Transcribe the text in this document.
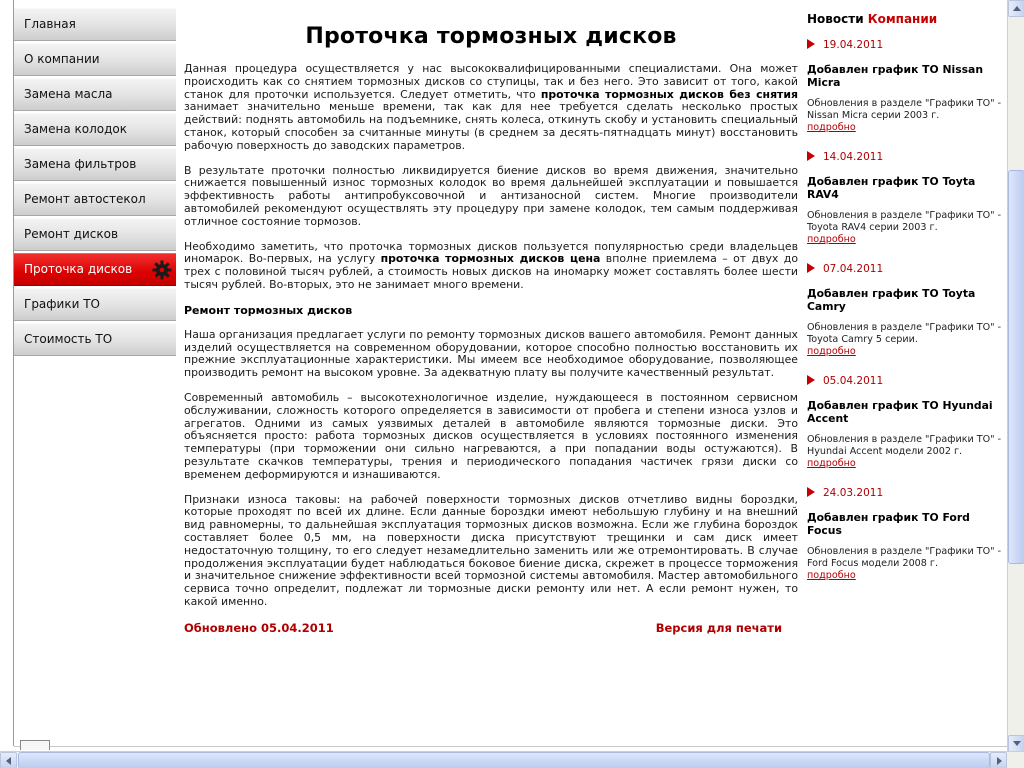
Главная
О компании
Замена масла
Замена колодок
Замена фильтров
Ремонт автостекол
Ремонт дисков
Проточка дисков
Графики ТО
Стоимость ТО
Проточка тормозных дисков

Данная процедура осуществляется у нас высококвалифицированными специалистами. Она может происходить как со снятием тормозных дисков со ступицы, так и без него. Это зависит от того, какой станок для проточки используется. Следует отметить, что проточка тормозных дисков без снятия занимает значительно меньше времени, так как для нее требуется сделать несколько простых действий: поднять автомобиль на подъемнике, снять колеса, откинуть скобу и установить специальный станок, который способен за считанные минуты (в среднем за десять-пятнадцать минут) восстановить рабочую поверхность до заводских параметров.

В результате проточки полностью ликвидируется биение дисков во время движения, значительно снижается повышенный износ тормозных колодок во время дальнейшей эксплуатации и повышается эффективность работы антипробуксовочной и антизаносной систем. Многие производители автомобилей рекомендуют осуществлять эту процедуру при замене колодок, тем самым поддерживая отличное состояние тормозов.

Необходимо заметить, что проточка тормозных дисков пользуется популярностью среди владельцев иномарок. Во-первых, на услугу проточка тормозных дисков цена вполне приемлема – от двух до трех с половиной тысяч рублей, а стоимость новых дисков на иномарку может составлять более шести тысяч рублей. Во-вторых, это не занимает много времени.

Ремонт тормозных дисков

Наша организация предлагает услуги по ремонту тормозных дисков вашего автомобиля. Ремонт данных изделий осуществляется на современном оборудовании, которое способно полностью восстановить их прежние эксплуатационные характеристики. Мы имеем все необходимое оборудование, позволяющее производить ремонт на высоком уровне. За адекватную плату вы получите качественный результат.

Современный автомобиль – высокотехнологичное изделие, нуждающееся в постоянном сервисном обслуживании, сложность которого определяется в зависимости от пробега и степени износа узлов и агрегатов. Одними из самых уязвимых деталей в автомобиле являются тормозные диски. Это объясняется просто: работа тормозных дисков осуществляется в условиях постоянного изменения температуры (при торможении они сильно нагреваются, а при попадании воды остужаются). В результате скачков температуры, трения и периодического попадания частичек грязи диски со временем деформируются и изнашиваются.

Признаки износа таковы: на рабочей поверхности тормозных дисков отчетливо видны бороздки, которые проходят по всей их длине. Если данные бороздки имеют небольшую глубину и на внешний вид равномерны, то дальнейшая эксплуатация тормозных дисков возможна. Если же глубина бороздок составляет более 0,5 мм, на поверхности диска присутствуют трещинки и сам диск имеет недостаточную толщину, то его следует незамедлительно заменить или же отремонтировать. В случае продолжения эксплуатации будет наблюдаться боковое биение диска, скрежет в процессе торможения и значительное снижение эффективности всей тормозной системы автомобиля. Мастер автомобильного сервиса точно определит, подлежат ли тормозные диски ремонту или нет. А если ремонт нужен, то какой именно.

Обновлено 05.04.2011	Версия для печати
Новости Компании
19.04.2011
Добавлен график ТО Nissan Micra
Обновления в разделе "Графики ТО" - Nissan Micra серии 2003 г.
подробно
14.04.2011
Добавлен график ТО Toyta RAV4
Обновления в разделе "Графики ТО" - Toyota RAV4 серии 2003 г.
подробно
07.04.2011
Добавлен график ТО Toyta Camry
Обновления в разделе "Графики ТО" - Toyota Camry 5 серии.
подробно
05.04.2011
Добавлен график ТО Hyundai Accent
Обновления в разделе "Графики ТО" - Hyundai Accent модели 2002 г.
подробно
24.03.2011
Добавлен график ТО Ford Focus
Обновления в разделе "Графики ТО" - Ford Focus модели 2008 г.
подробно
